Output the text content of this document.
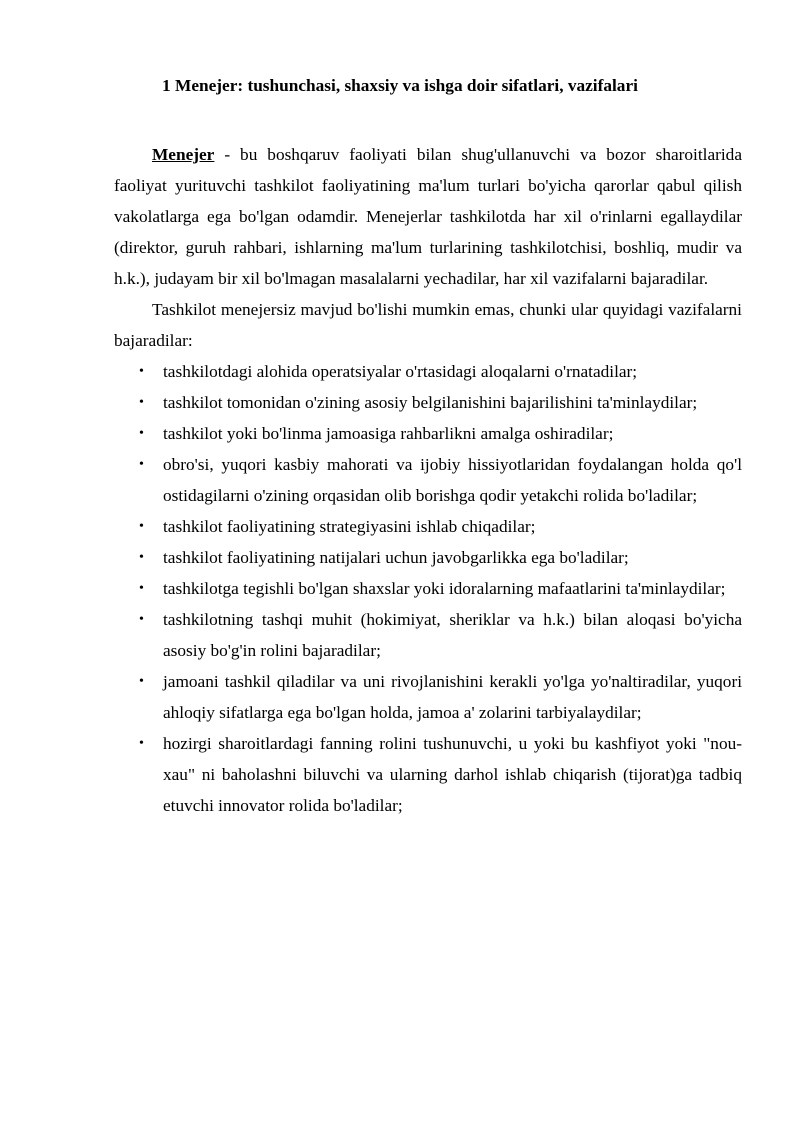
1 Menejer: tushunchasi, shaxsiy va ishga doir sifatlari, vazifalari

Menejer - bu boshqaruv faoliyati bilan shug'ullanuvchi va bozor sharoitlarida faoliyat yurituvchi tashkilot faoliyatining ma'lum turlari bo'yicha qarorlar qabul qilish vakolatlarga ega bo'lgan odamdir. Menejerlar tashkilotda har xil o'rinlarni egallaydilar (direktor, guruh rahbari, ishlarning ma'lum turlarining tashkilotchisi, boshliq, mudir va h.k.), judayam bir xil bo'lmagan masalalarni yechadilar, har xil vazifalarni bajaradilar.

Tashkilot menejersiz mavjud bo'lishi mumkin emas, chunki ular quyidagi vazifalarni bajaradilar:

• tashkilotdagi alohida operatsiyalar o'rtasidagi aloqalarni o'rnatadilar;
• tashkilot tomonidan o'zining asosiy belgilanishini bajarilishini ta'minlaydilar;
• tashkilot yoki bo'linma jamoasiga rahbarlikni amalga oshiradilar;
• obro'si, yuqori kasbiy mahorati va ijobiy hissiyotlaridan foydalangan holda qo'l ostidagilarni o'zining orqasidan olib borishga qodir yetakchi rolida bo'ladilar;
• tashkilot faoliyatining strategiyasini ishlab chiqadilar;
• tashkilot faoliyatining natijalari uchun javobgarlikka ega bo'ladilar;
• tashkilotga tegishli bo'lgan shaxslar yoki idoralarning mafaatlarini ta'minlaydilar;
• tashkilotning tashqi muhit (hokimiyat, sheriklar va h.k.) bilan aloqasi bo'yicha asosiy bo'g'in rolini bajaradilar;
• jamoani tashkil qiladilar va uni rivojlanishini kerakli yo'lga yo'naltiradilar, yuqori ahloqiy sifatlarga ega bo'lgan holda, jamoa a' zolarini tarbiyalaydilar;
• hozirgi sharoitlardagi fanning rolini tushunuvchi, u yoki bu kashfiyot yoki "nou-xau" ni baholashni biluvchi va ularning darhol ishlab chiqarish (tijorat)ga tadbiq etuvchi innovator rolida bo'ladilar;
